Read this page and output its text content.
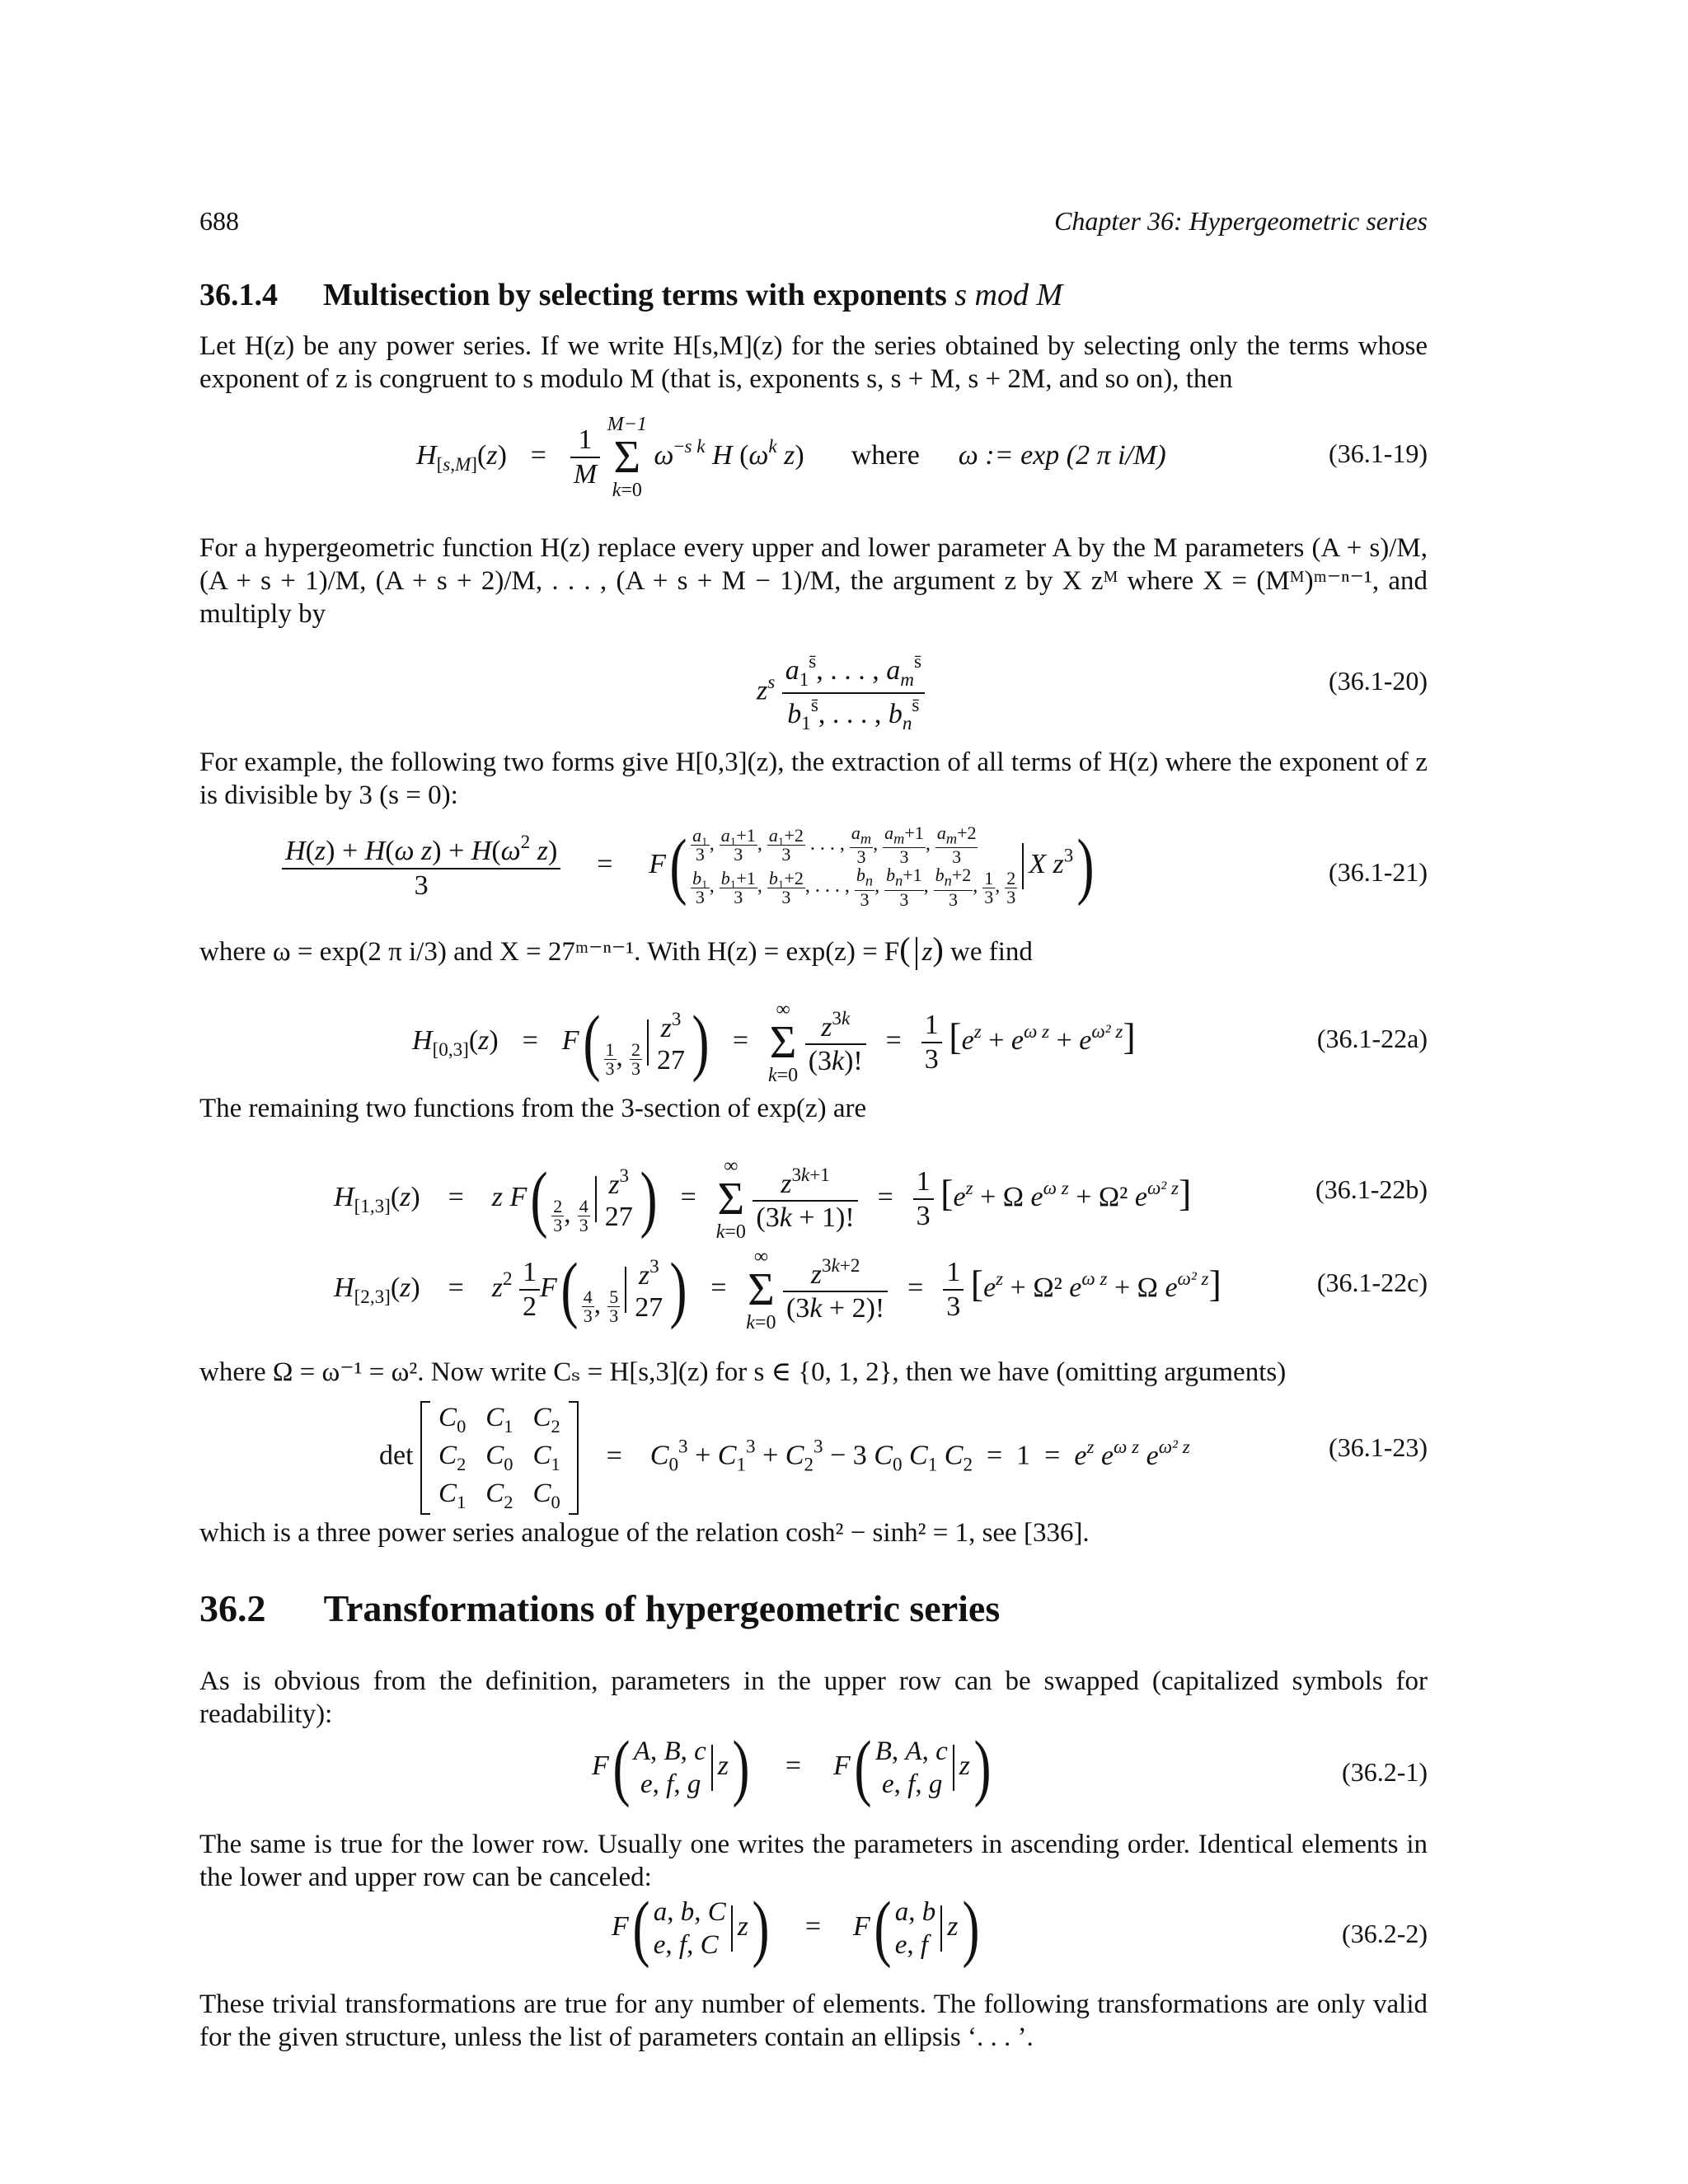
688	Chapter 36: Hypergeometric series
36.1.4 Multisection by selecting terms with exponents s mod M
Let H(z) be any power series. If we write H[s,M](z) for the series obtained by selecting only the terms whose exponent of z is congruent to s modulo M (that is, exponents s, s + M, s + 2M, and so on), then
$H_{[s,M]}(z) = \frac{1}{M}$
M−1
Σ
k=0
$\omega^{-s k}$ H ($\omega^k$ z)  where ω := exp (2 π i/M)	(36.1-19)
For a hypergeometric function H(z) replace every upper and lower parameter A by the M parameters (A + s)/M, (A + s + 1)/M, (A + s + 2)/M, . . . , (A + s + M − 1)/M, the argument z by X zᴹ where X = (Mᴹ)ᵐ⁻ⁿ⁻¹, and multiply by
$z^s \frac{a_1^{s̄}, . . . , a_m^{s̄}}{b_1^{s̄}, . . . , b_n^{s̄}}$	(36.1-20)
For example, the following two forms give H[0,3](z), the extraction of all terms of H(z) where the exponent of z is divisible by 3 (s = 0):
$\frac{H(z) + H(\omega z) + H(\omega^2 z)}{3} = F( \frac{\text{a₁}}{3}$ , $\frac{\text{a₁+1}}{3}$ , $\frac{\text{a₁+2}}{3}$ . . . , $\frac{a_m}{3}$ , $\frac{a_m+1}{3}$ , $\frac{a_m+2}{3}$

$\frac{\text{b₁}}{3}$ , $\frac{\text{b₁+1}}{3}$ , $\frac{\text{b₁+2}}{3}$ , . . . , $\frac{b_n}{3}$ , $\frac{b_n+1}{3}$ , $\frac{b_n+2}{3}$ , $\frac{1}{3}$ , $\frac{2}{3}$
X $z^3$)	(36.1-21)
where ω = exp(2 π i/3) and X = 27ᵐ⁻ⁿ⁻¹. With H(z) = exp(z) = F( z) we find
$H_{[0,3]}(z) = F( \frac{1}{3}$ , $\frac{2}{3}$
$z^3$
27 ) =
∞
Σ
k=0
$\frac{z^{3k}}{(3k)!} = \frac{1}{3} [e^z + e^{\omega z} + e^{\omega^2 z}]$	(36.1-22a)
The remaining two functions from the 3-section of exp(z) are
$H_{[1,3]}(z) = z$ $F( \frac{2}{3}$ , $\frac{4}{3}$
$z^3$
27 ) =
∞
Σ
k=0
$\frac{z^{3k+1}}{(3k + 1)!} = \frac{1}{3} [e^z + \Omega$ $e^{\omega z} + \Omega^2$ $e^{\omega^2 z}$]	(36.1-22b)
$H_{[2,3]}(z) = z^2 \frac{1}{2} F( \frac{4}{3}$ , $\frac{5}{3}$
$z^3$
27 ) =
∞
Σ
k=0
$\frac{z^{3k+2}}{(3k + 2)!} = \frac{1}{3} [e^z + \Omega^2$ $e^{\omega z} + \Omega$ $e^{\omega^2 z}$]	(36.1-22c)
where Ω = ω⁻¹ = ω². Now write Cₛ = H[s,3](z) for s ∈ {0, 1, 2}, then we have (omitting arguments)
det
$C_0$	$C_1$	$C_2$
$C_2$	$C_0$	$C_1$
$C_1$	$C_2$	$C_0$
= $C_0^3 + C_1^3 + C_2^3 - 3$ $C_0$ $C_1$ $C_2 = 1 = e^z$ $e^{\omega z}$ $e^{\omega^2 z}$	(36.1-23)
which is a three power series analogue of the relation cosh² − sinh² = 1, see [336].
36.2 Transformations of hypergeometric series
As is obvious from the definition, parameters in the upper row can be swapped (capitalized symbols for readability):
F( A, B, c
e, f, gz) = F( B, A, c
e, f, gz)	(36.2-1)
The same is true for the lower row. Usually one writes the parameters in ascending order. Identical elements in the lower and upper row can be canceled:
F( a, b, C
e, f, Cz) = F( a, b
e, fz)	(36.2-2)
These trivial transformations are true for any number of elements. The following transformations are only valid for the given structure, unless the list of parameters contain an ellipsis ‘. . . ’.
